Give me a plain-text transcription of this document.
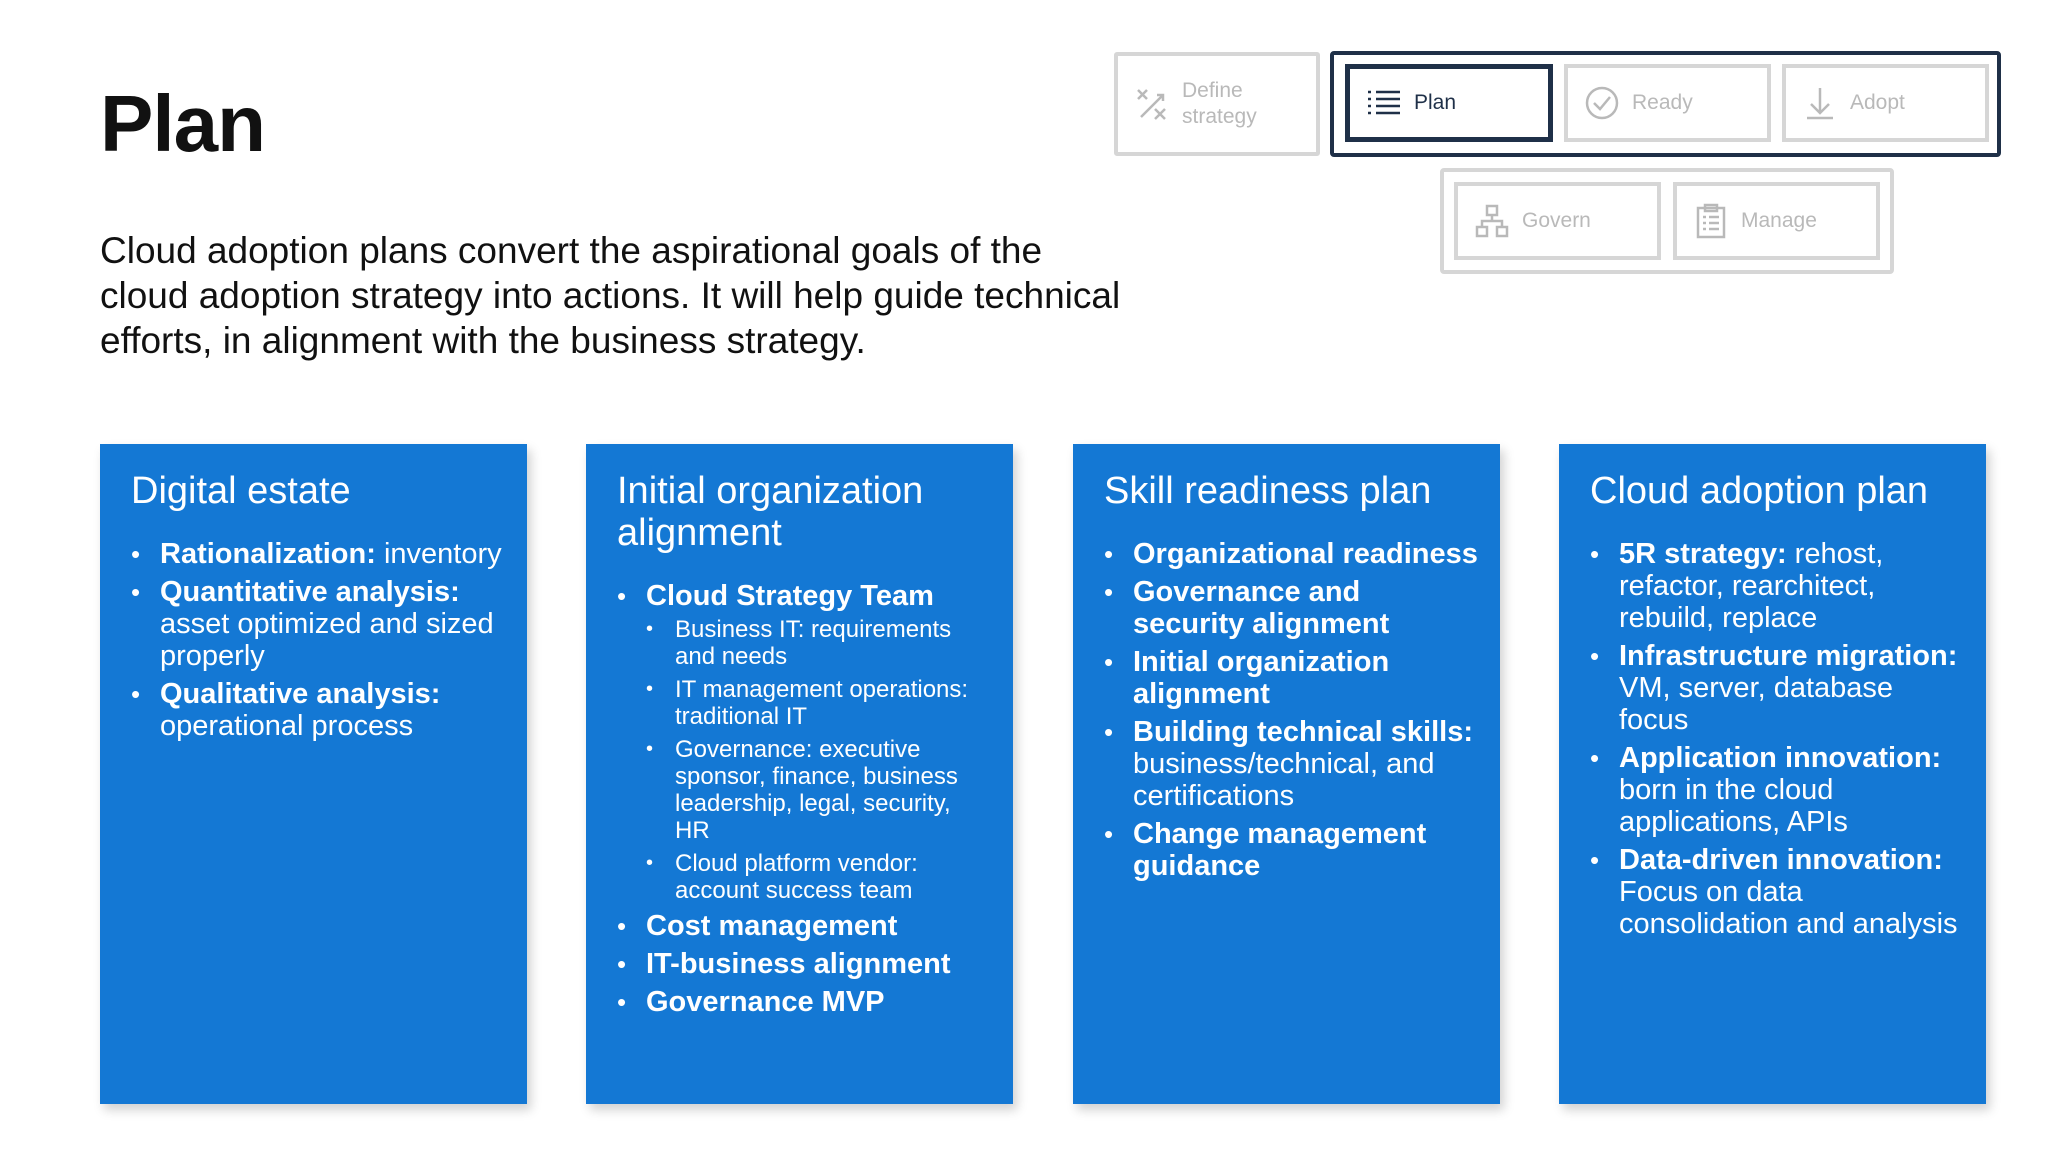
Plan
Cloud adoption plans convert the aspirational goals of the cloud adoption strategy into actions. It will help guide technical efforts, in alignment with the business strategy.
Define
strategy
Plan	Ready	Adopt
Govern	Manage
Digital estate
• Rationalization: inventory
• Quantitative analysis:
asset optimized and sized properly
• Qualitative analysis:
operational process
Initial organization alignment
• Cloud Strategy Team
• Business IT: requirements and needs
• IT management operations: traditional IT
• Governance: executive sponsor, finance, business leadership, legal, security, HR
• Cloud platform vendor: account success team
• Cost management
• IT-business alignment
• Governance MVP
Skill readiness plan
• Organizational readiness
• Governance and security alignment
• Initial organization alignment
• Building technical skills:
business/technical, and certifications
• Change management guidance
Cloud adoption plan
• 5R strategy: rehost, refactor, rearchitect, rebuild, replace
• Infrastructure migration:
VM, server, database focus
• Application innovation:
born in the cloud applications, APIs
• Data-driven innovation:
Focus on data consolidation and analysis
